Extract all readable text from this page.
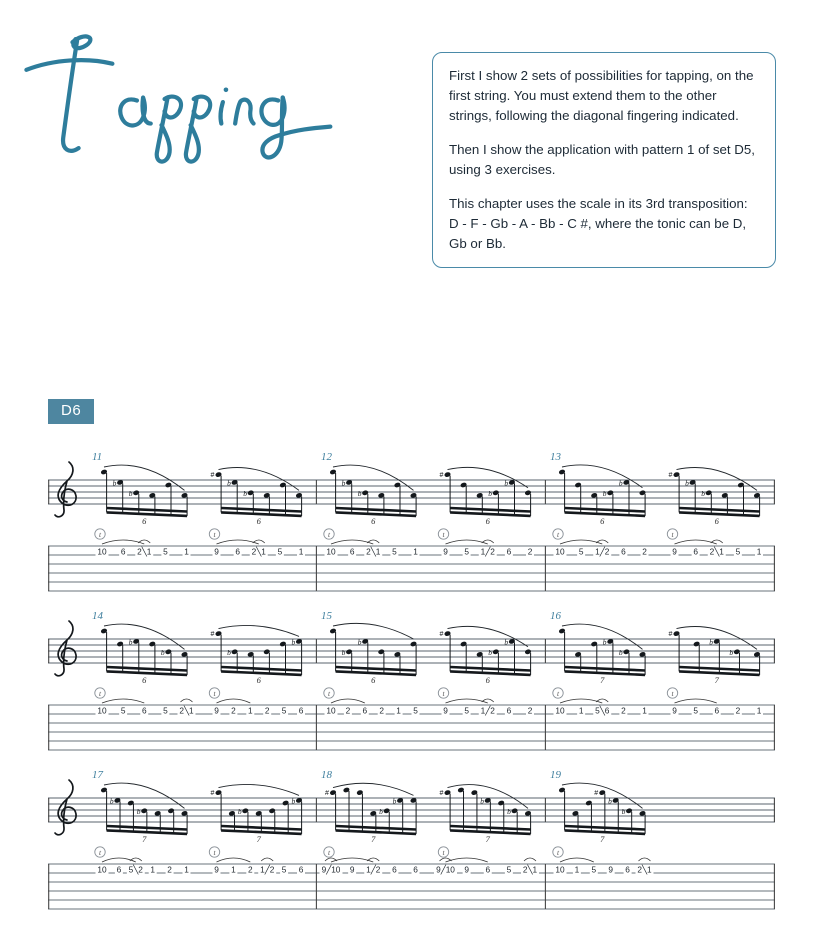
First I show 2 sets of possibilities for tapping, on the first string. You must extend them to the other strings, following the diagonal fingering indicated.

Then I show the application with pattern 1 of set D5, using 3 exercises.

This chapter uses the scale in its 3rd transposition: D - F - Gb - A - Bb - C #, where the tonic can be D, Gb or Bb.

D6
11
b
b
6
t
10 6 2╲1 5 1
#
b
b
6
t
9 6 2╲1 5 1
12
b
b
6
t
10 6 2╲1 5 1
#
b
b
6
t
9 5 1╱2 6 2
13
b
b
6
t
10 5 1╱2 6 2
#
b
b
6
t
9 6 2╲1 5 1
14
b
b
6
t
10 5 6 5 2╲1
#
b
b
6
t
9 2 1 2 5 6
15
b
b
6
t
10 2 6 2 1 5
#
b
b
6
t
9 5 1╱2 6 2
16
b
b
7
t
10 1 5╲6 2 1
#
b
b
7
t
9 5 6 2 1
17
b
b
7
t
10 6 5╲2 1 2 1
#
b
b
7
t
9 1 2 1╱2 5 6
18
#
b
b
7
t
9╱10 9 1╱2 6 6
#
b
b
7
t
9╱10 9 6 5 2╲1
19
#
b
b
7
t
10 1 5 9 6 2╲1
